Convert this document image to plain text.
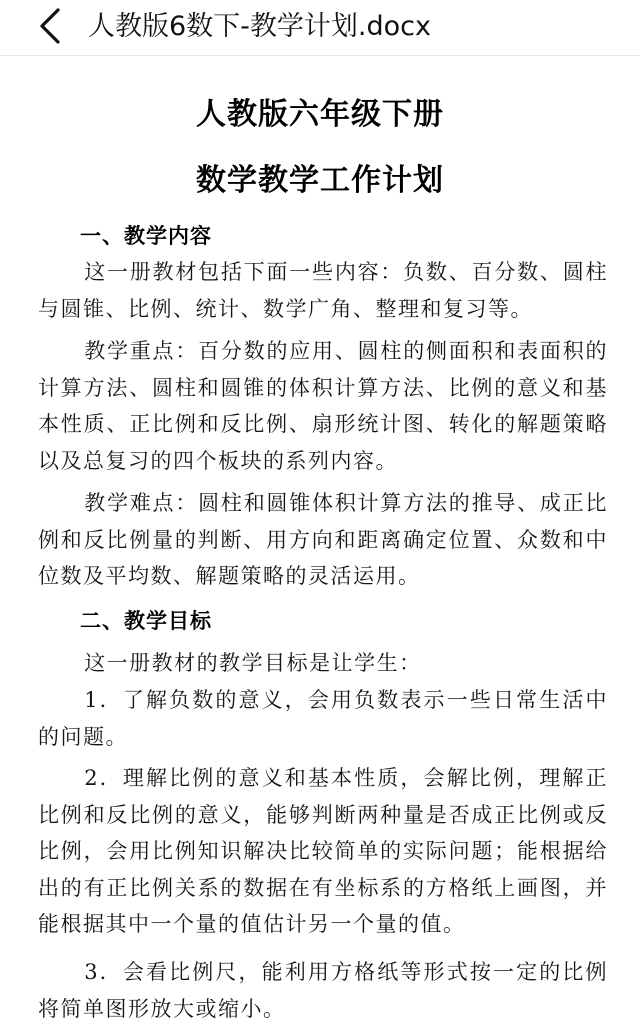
人教版6数下-教学计划.docx
人教版六年级下册
数学教学工作计划
一、教学内容

这一册教材包括下面一些内容：负数、百分数、圆柱与圆锥、比例、统计、数学广角、整理和复习等。

教学重点：百分数的应用、圆柱的侧面积和表面积的计算方法、圆柱和圆锥的体积计算方法、比例的意义和基本性质、正比例和反比例、扇形统计图、转化的解题策略以及总复习的四个板块的系列内容。

教学难点：圆柱和圆锥体积计算方法的推导、成正比例和反比例量的判断、用方向和距离确定位置、众数和中位数及平均数、解题策略的灵活运用。

二、教学目标

这一册教材的教学目标是让学生：

1．了解负数的意义，会用负数表示一些日常生活中的问题。

2．理解比例的意义和基本性质，会解比例，理解正比例和反比例的意义，能够判断两种量是否成正比例或反比例，会用比例知识解决比较简单的实际问题；能根据给出的有正比例关系的数据在有坐标系的方格纸上画图，并能根据其中一个量的值估计另一个量的值。

3．会看比例尺，能利用方格纸等形式按一定的比例将简单图形放大或缩小。
